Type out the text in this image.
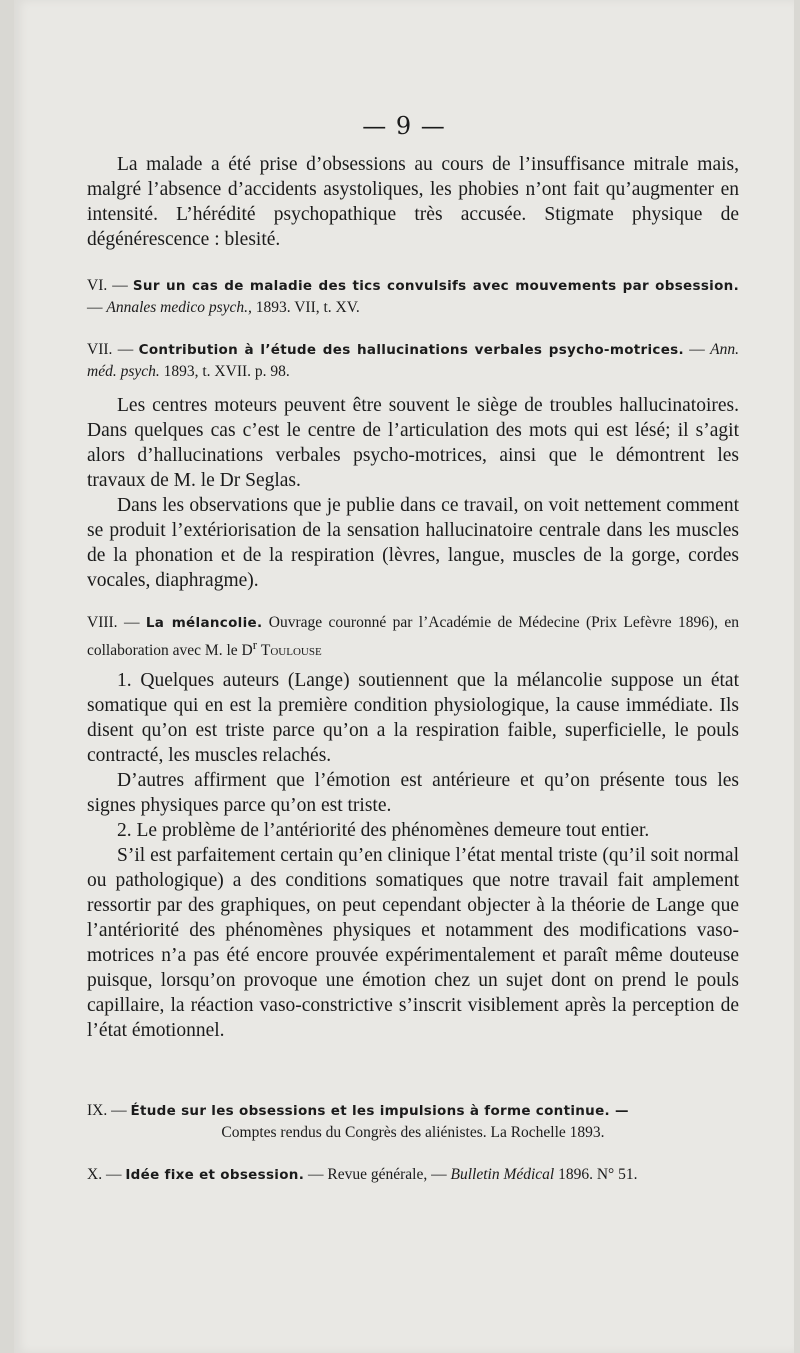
— 9 —

La malade a été prise d’obsessions au cours de l’insuffisance mitrale mais, malgré l’absence d’accidents asystoliques, les phobies n’ont fait qu’augmenter en intensité. L’hérédité psychopathique très accusée. Stigmate physique de dégénérescence : blesité.

VI. — Sur un cas de maladie des tics convulsifs avec mouvements par obsession. — Annales medico psych., 1893. VII, t. XV.
VII. — Contribution à l’étude des hallucinations verbales psycho-motrices. — Ann. méd. psych. 1893, t. XVII. p. 98.

Les centres moteurs peuvent être souvent le siège de troubles hallucinatoires. Dans quelques cas c’est le centre de l’articulation des mots qui est lésé; il s’agit alors d’hallucinations verbales psycho-motrices, ainsi que le démontrent les travaux de M. le Dr Seglas.

Dans les observations que je publie dans ce travail, on voit nettement comment se produit l’extériorisation de la sensation hallucinatoire centrale dans les muscles de la phonation et de la respiration (lèvres, langue, muscles de la gorge, cordes vocales, diaphragme).

VIII. — La mélancolie. Ouvrage couronné par l’Académie de Médecine (Prix Lefèvre 1896), en collaboration avec M. le $D^r$ Toulouse

1. Quelques auteurs (Lange) soutiennent que la mélancolie suppose un état somatique qui en est la première condition physiologique, la cause immédiate. Ils disent qu’on est triste parce qu’on a la respiration faible, superficielle, le pouls contracté, les muscles relachés.

D’autres affirment que l’émotion est antérieure et qu’on présente tous les signes physiques parce qu’on est triste.

2. Le problème de l’antériorité des phénomènes demeure tout entier.

S’il est parfaitement certain qu’en clinique l’état mental triste (qu’il soit normal ou pathologique) a des conditions somatiques que notre travail fait amplement ressortir par des graphiques, on peut cependant objecter à la théorie de Lange que l’antériorité des phénomènes physiques et notamment des modifications vaso-motrices n’a pas été encore prouvée expérimentalement et paraît même douteuse puisque, lorsqu’on provoque une émotion chez un sujet dont on prend le pouls capillaire, la réaction vaso-constrictive s’inscrit visiblement après la perception de l’état émotionnel.

IX. — Étude sur les obsessions et les impulsions à forme continue. —
Comptes rendus du Congrès des aliénistes. La Rochelle 1893.
X. — Idée fixe et obsession. — Revue générale, — Bulletin Médical 1896. N° 51.
